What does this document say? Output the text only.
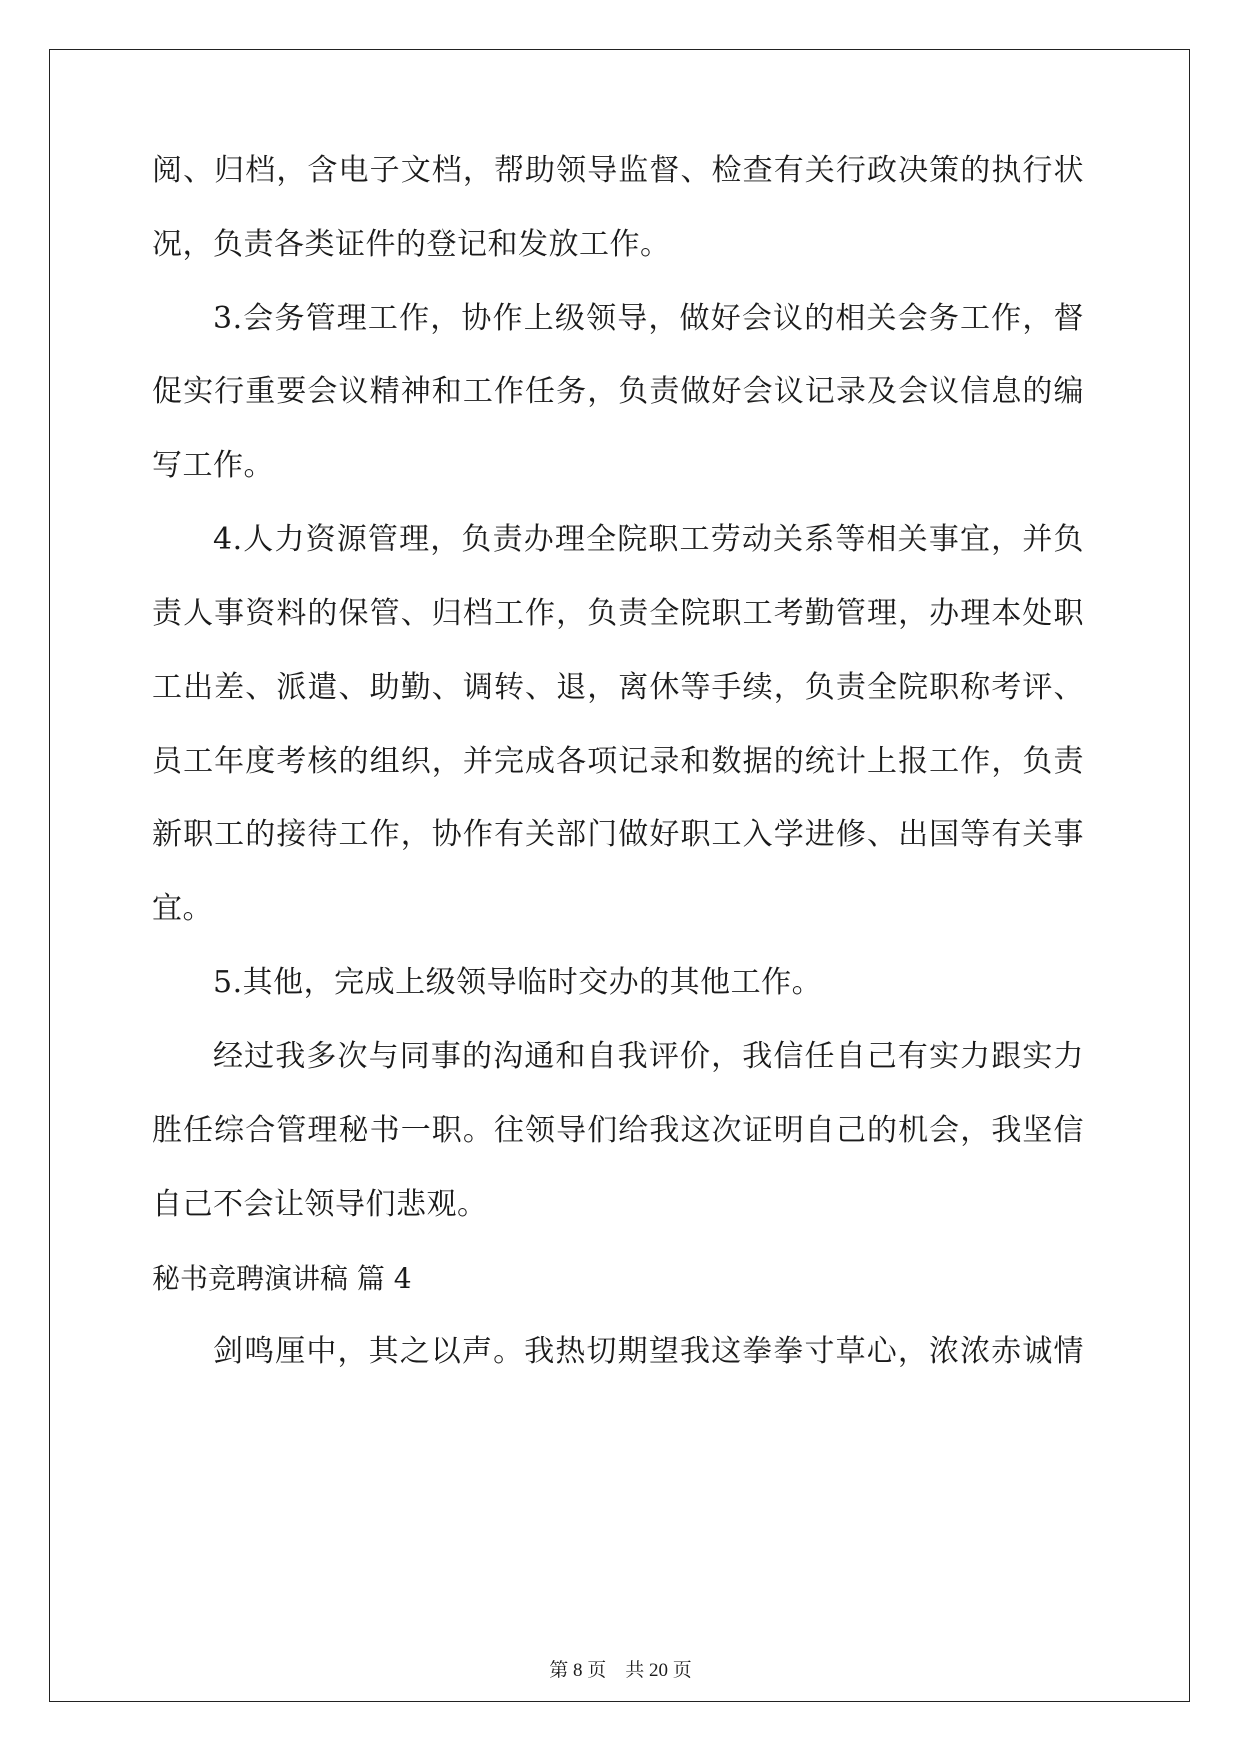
阅、归档，含电子文档，帮助领导监督、检查有关行政决策的执行状
况，负责各类证件的登记和发放工作。
3.会务管理工作，协作上级领导，做好会议的相关会务工作，督
促实行重要会议精神和工作任务，负责做好会议记录及会议信息的编
写工作。
4.人力资源管理，负责办理全院职工劳动关系等相关事宜，并负
责人事资料的保管、归档工作，负责全院职工考勤管理，办理本处职
工出差、派遣、助勤、调转、退，离休等手续，负责全院职称考评、
员工年度考核的组织，并完成各项记录和数据的统计上报工作，负责
新职工的接待工作，协作有关部门做好职工入学进修、出国等有关事
宜。
5.其他，完成上级领导临时交办的其他工作。
经过我多次与同事的沟通和自我评价，我信任自己有实力跟实力
胜任综合管理秘书一职。往领导们给我这次证明自己的机会，我坚信
自己不会让领导们悲观。
秘书竞聘演讲稿 篇 4
剑鸣厘中，其之以声。我热切期望我这拳拳寸草心，浓浓赤诚情
第 8 页　共 20 页
